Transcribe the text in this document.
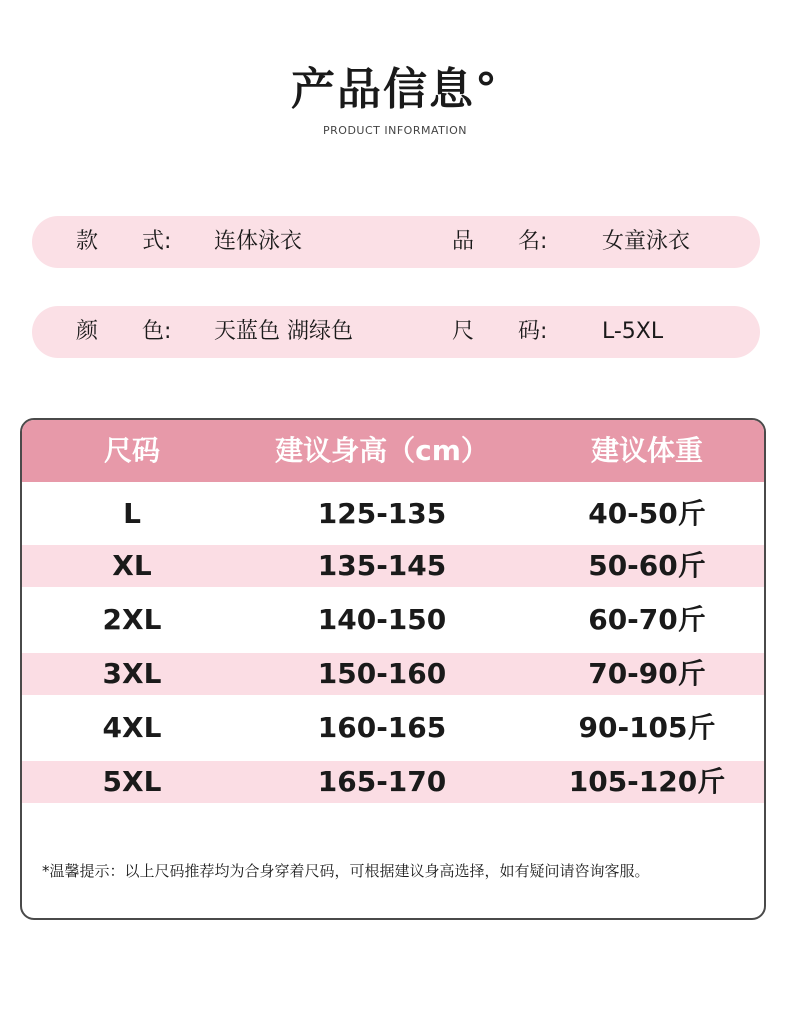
产品信息°
PRODUCT INFORMATION
款　　式: 连体泳衣	品　　名: 女童泳衣
颜　　色: 天蓝色 湖绿色	尺　　码: L-5XL
尺码	建议身高（cm）	建议体重
L	125-135	40-50斤
XL	135-145	50-60斤
2XL	140-150	60-70斤
3XL	150-160	70-90斤
4XL	160-165	90-105斤
5XL	165-170	105-120斤
*温馨提示：以上尺码推荐均为合身穿着尺码，可根据建议身高选择，如有疑问请咨询客服。
